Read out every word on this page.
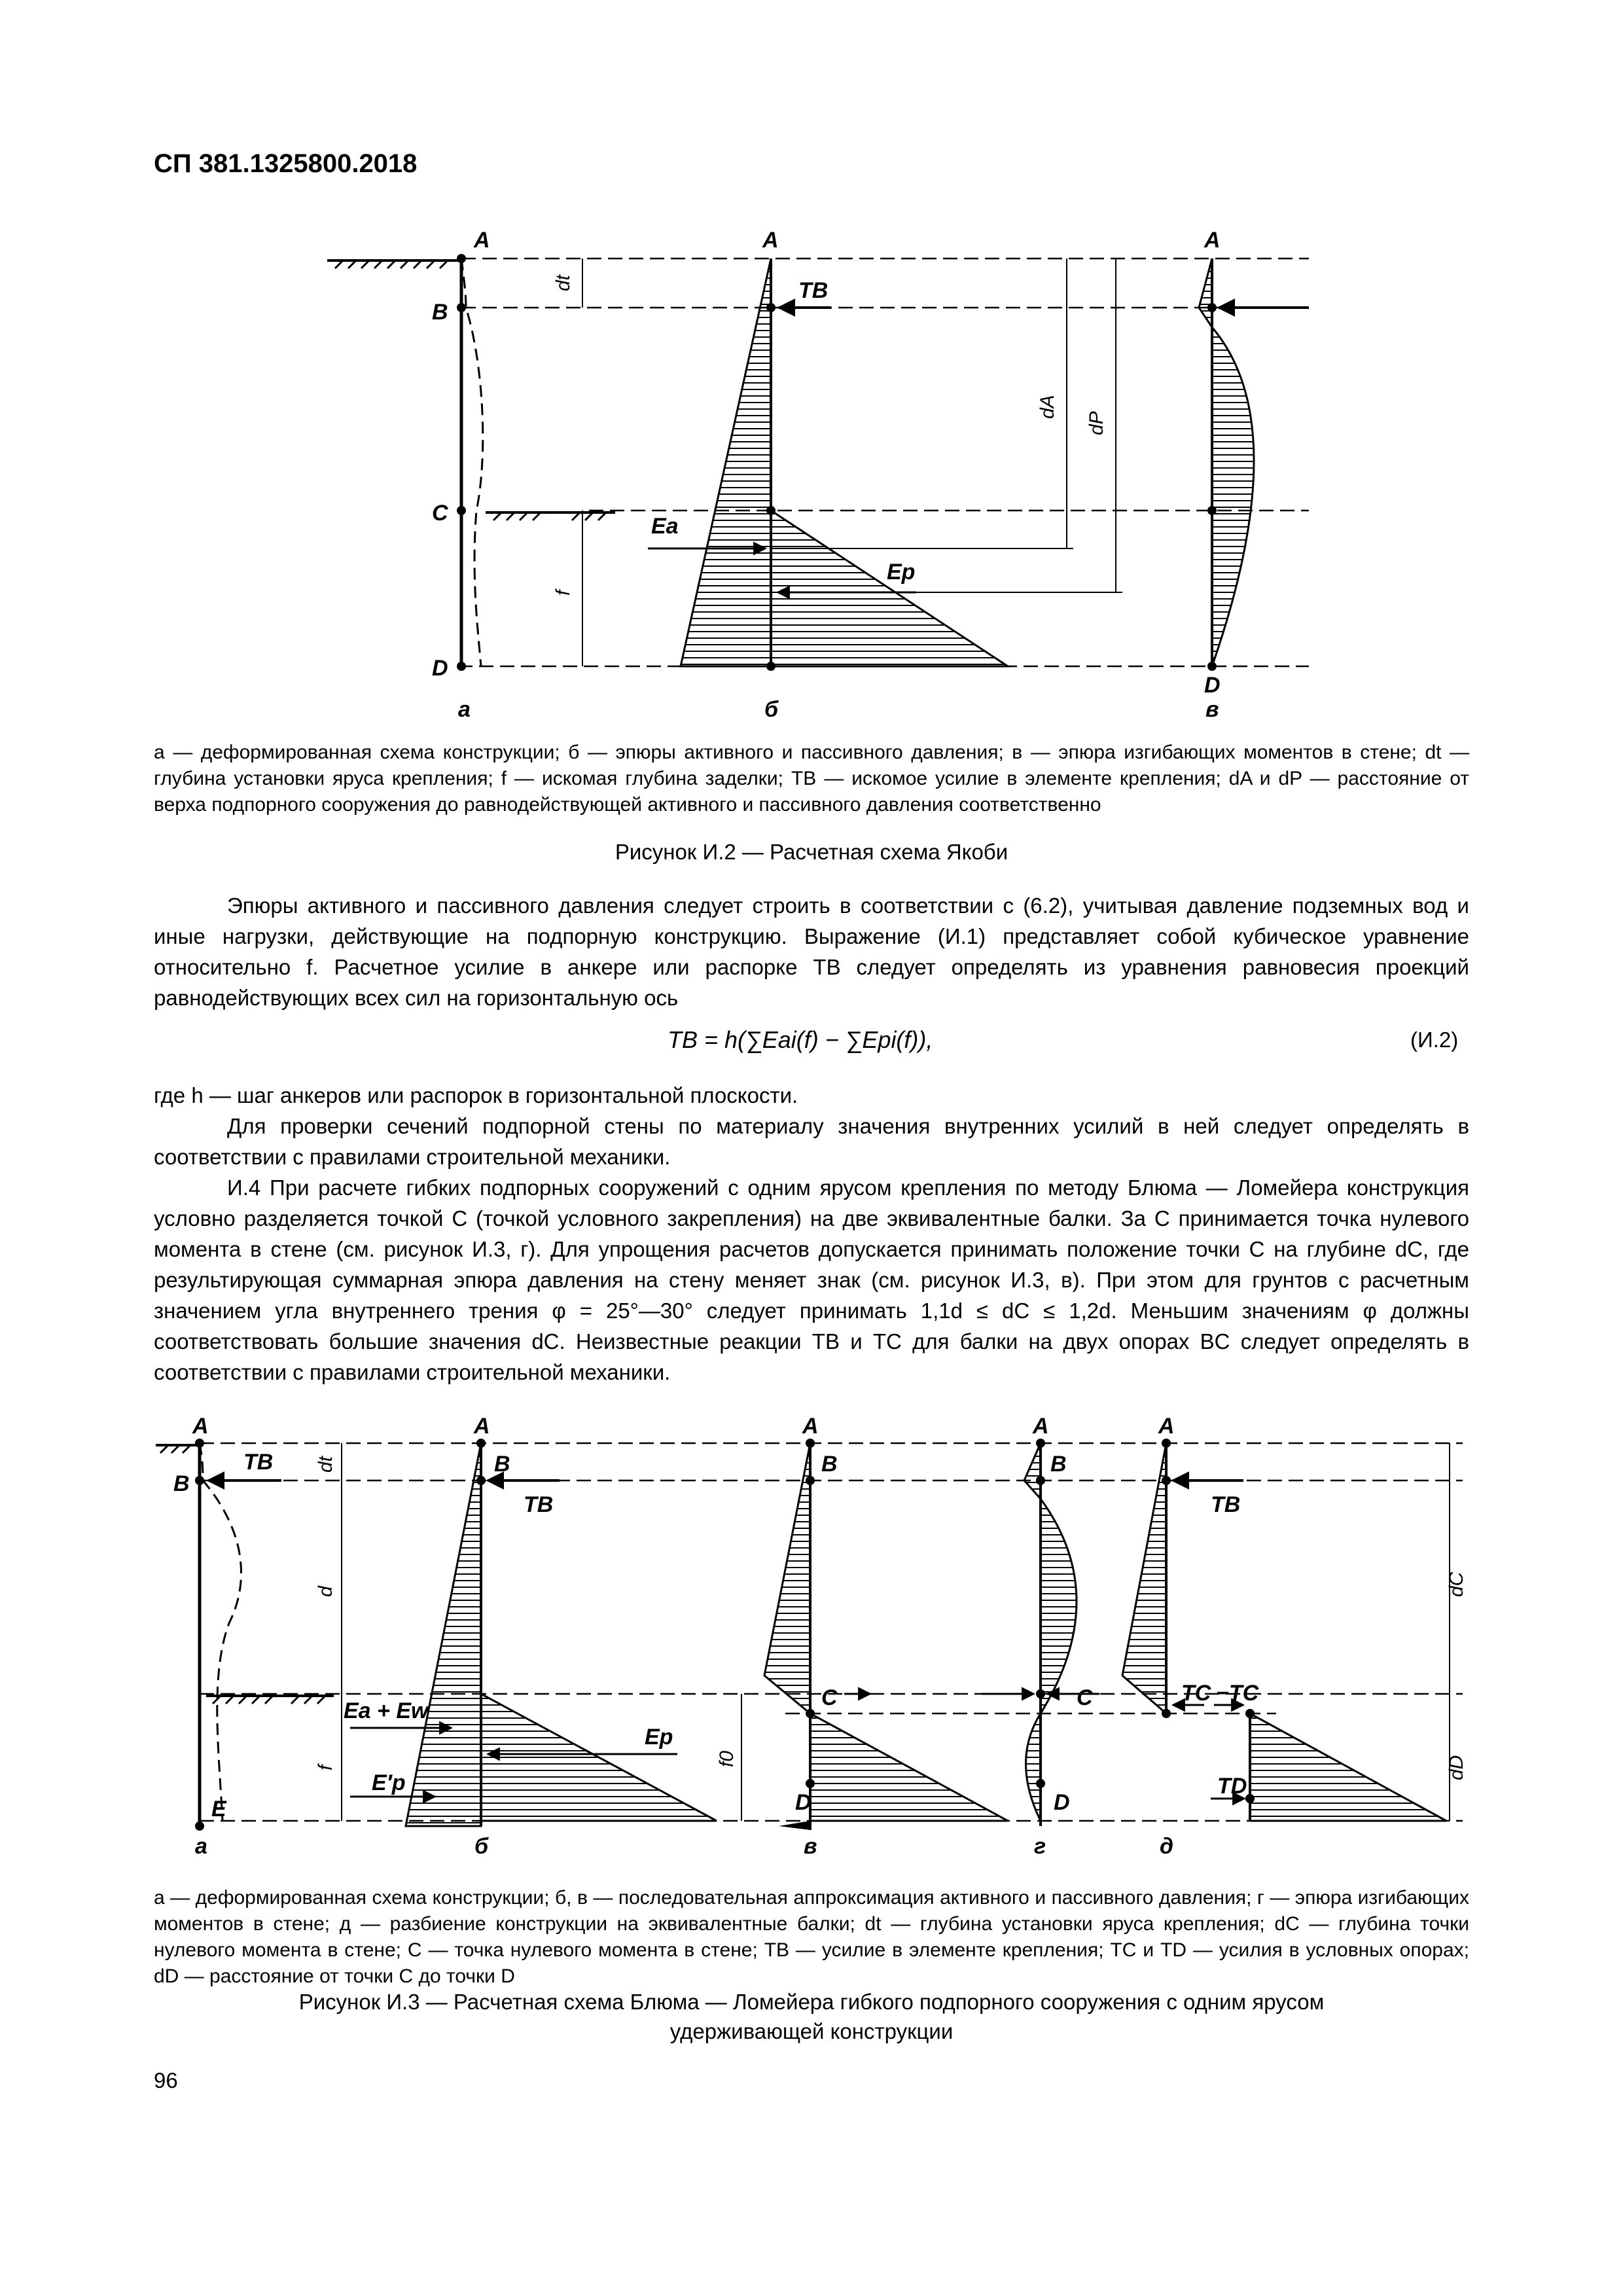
СП 381.1325800.2018
A
B
C
D
dt
f
A
TB
Ea
Ep
dA
dP
A
D
а	б	в
а — деформированная схема конструкции; б — эпюры активного и пассивного давления; в — эпюра изгибающих моментов в стене; dt — глубина установки яруса крепления; f — искомая глубина заделки; TB — искомое усилие в элементе крепления; dA и dP — расстояние от верха подпорного сооружения до равнодействующей активного и пассивного давления соответственно
Рисунок И.2 — Расчетная схема Якоби

Эпюры активного и пассивного давления следует строить в соответствии с (6.2), учитывая давление подземных вод и иные нагрузки, действующие на подпорную конструкцию. Выражение (И.1) представляет собой кубическое уравнение относительно f. Расчетное усилие в анкере или распорке TB следует определять из уравнения равновесия проекций равнодействующих всех сил на горизонтальную ось

TB = h(∑Eai(f) − ∑Epi(f)),	(И.2)

где h — шаг анкеров или распорок в горизонтальной плоскости.

Для проверки сечений подпорной стены по материалу значения внутренних усилий в ней следует определять в соответствии с правилами строительной механики.

И.4 При расчете гибких подпорных сооружений с одним ярусом крепления по методу Блюма — Ломейера конструкция условно разделяется точкой C (точкой условного закрепления) на две эквивалентные балки. За C принимается точка нулевого момента в стене (см. рисунок И.3, г). Для упрощения расчетов допускается принимать положение точки C на глубине dC, где результирующая суммарная эпюра давления на стену меняет знак (см. рисунок И.3, в). При этом для грунтов с расчетным значением угла внутреннего трения φ = 25°—30° следует принимать 1,1d ≤ dC ≤ 1,2d. Меньшим значениям φ должны соответствовать большие значения dC. Неизвестные реакции TB и TC для балки на двух опорах BC следует определять в соответствии с правилами строительной механики.

A
B
TB
E
dt
d
f
A
B
TB
Ea + Ew
Ep
E′p
A
B
C
D
f0
A
B
C
D
A
TB
TC −TC
TD
dC
dD
а	б	в	г	д
а — деформированная схема конструкции; б, в — последовательная аппроксимация активного и пассивного давления; г — эпюра изгибающих моментов в стене; д — разбиение конструкции на эквивалентные балки; dt — глубина установки яруса крепления; dC — глубина точки нулевого момента в стене; C — точка нулевого момента в стене; TB — усилие в элементе крепления; TC и TD — усилия в условных опорах; dD — расстояние от точки C до точки D
Рисунок И.3 — Расчетная схема Блюма — Ломейера гибкого подпорного сооружения с одним ярусом
удерживающей конструкции
96
